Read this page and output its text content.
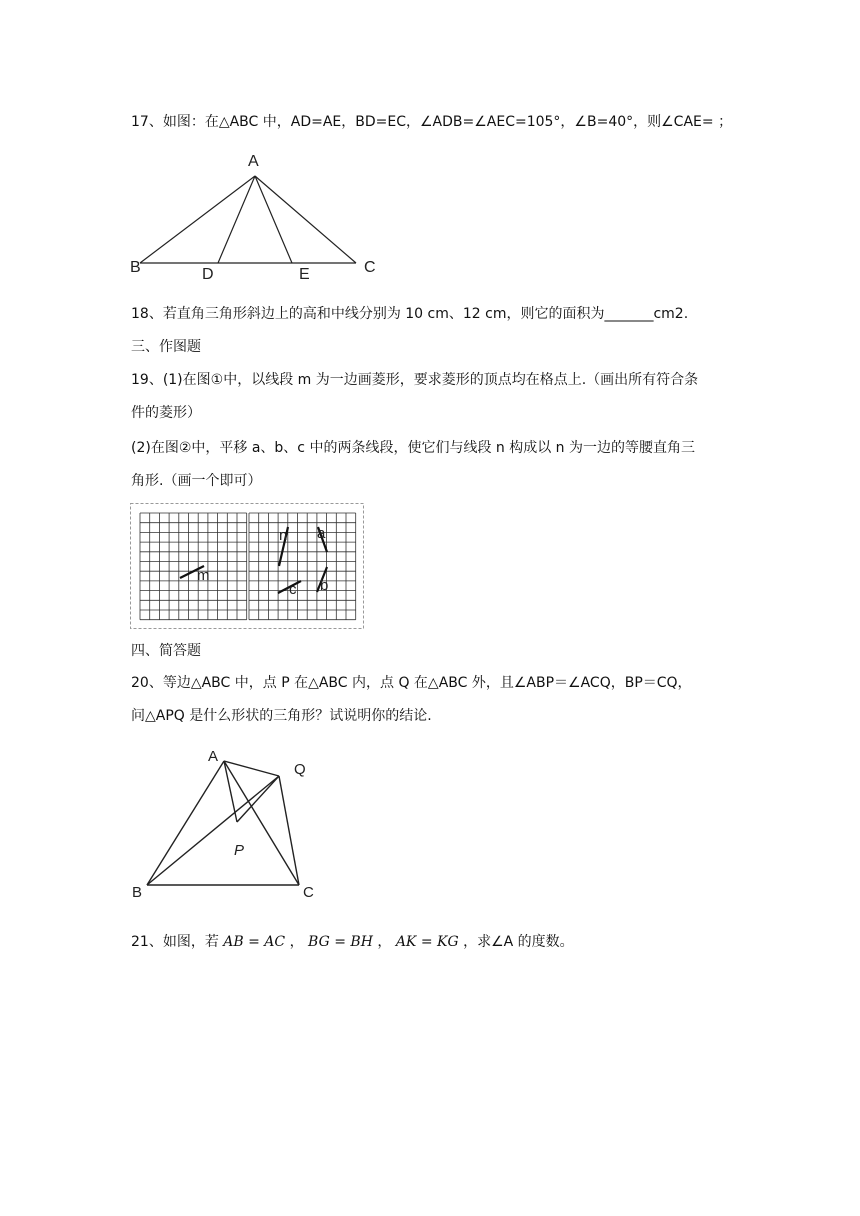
17、如图：在△ABC 中，AD=AE，BD=EC，∠ADB=∠AEC=105°，∠B=40°，则∠CAE= ；
A
B	D	E	C
18、若直角三角形斜边上的高和中线分别为 10 cm、12 cm，则它的面积为_______cm2.
三、作图题
19、(1)在图①中，以线段 m 为一边画菱形，要求菱形的顶点均在格点上.（画出所有符合条
件的菱形）
(2)在图②中，平移 a、b、c 中的两条线段，使它们与线段 n 构成以 n 为一边的等腰直角三
角形.（画一个即可）
m
n a
c b
四、简答题
20、等边△ABC 中，点 P 在△ABC 内，点 Q 在△ABC 外，且∠ABP＝∠ACQ，BP＝CQ，
问△APQ 是什么形状的三角形？试说明你的结论.
A
Q
P
B	C
21、如图，若 AB = AC ， BG = BH ， AK = KG ，求∠A 的度数。
